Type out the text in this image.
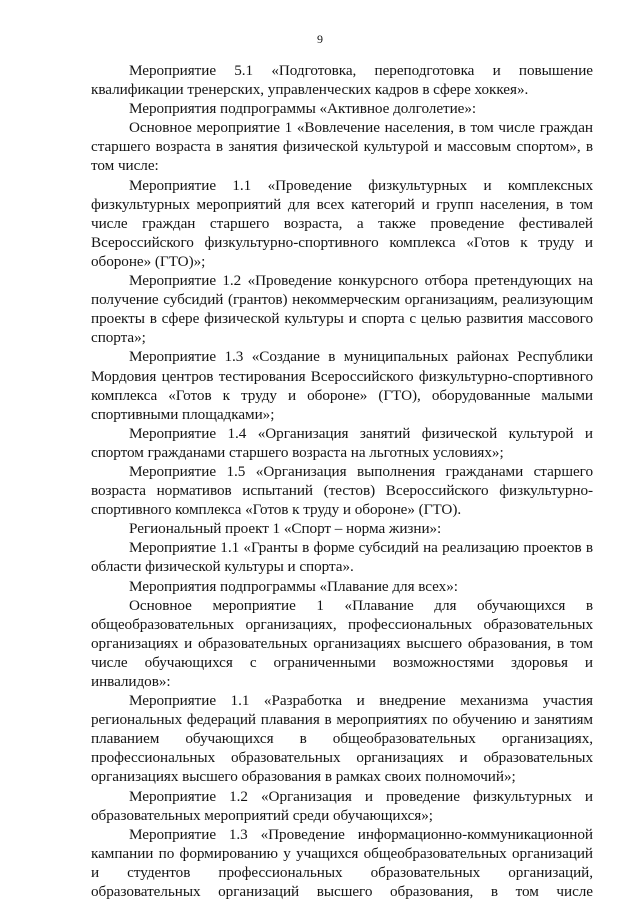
9

Мероприятие 5.1 «Подготовка, переподготовка и повышение квалификации тренерских, управленческих кадров в сфере хоккея».

Мероприятия подпрограммы «Активное долголетие»:

Основное мероприятие 1 «Вовлечение населения, в том числе граждан старшего возраста в занятия физической культурой и массовым спортом», в том числе:

Мероприятие 1.1 «Проведение физкультурных и комплексных физкультурных мероприятий для всех категорий и групп населения, в том числе граждан старшего возраста, а также проведение фестивалей Всероссийского физкультурно-спортивного комплекса «Готов к труду и обороне» (ГТО)»;

Мероприятие 1.2 «Проведение конкурсного отбора претендующих на получение субсидий (грантов) некоммерческим организациям, реализующим проекты в сфере физической культуры и спорта с целью развития массового спорта»;

Мероприятие 1.3 «Создание в муниципальных районах Республики Мордовия центров тестирования Всероссийского физкультурно-спортивного комплекса «Готов к труду и обороне» (ГТО), оборудованные малыми спортивными площадками»;

Мероприятие 1.4 «Организация занятий физической культурой и спортом гражданами старшего возраста на льготных условиях»;

Мероприятие 1.5 «Организация выполнения гражданами старшего возраста нормативов испытаний (тестов) Всероссийского физкультурно-спортивного комплекса «Готов к труду и обороне» (ГТО).

Региональный проект 1 «Спорт – норма жизни»:

Мероприятие 1.1 «Гранты в форме субсидий на реализацию проектов в области физической культуры и спорта».

Мероприятия подпрограммы «Плавание для всех»:

Основное мероприятие 1 «Плавание для обучающихся в общеобразовательных организациях, профессиональных образовательных организациях и образовательных организациях высшего образования, в том числе обучающихся с ограниченными возможностями здоровья и инвалидов»:

Мероприятие 1.1 «Разработка и внедрение механизма участия региональных федераций плавания в мероприятиях по обучению и занятиям плаванием обучающихся в общеобразовательных организациях, профессиональных образовательных организациях и образовательных организациях высшего образования в рамках своих полномочий»;

Мероприятие 1.2 «Организация и проведение физкультурных и образовательных мероприятий среди обучающихся»;

Мероприятие 1.3 «Проведение информационно-коммуникационной кампании по формированию у учащихся общеобразовательных организаций и студентов профессиональных образовательных организаций, образовательных организаций высшего образования, в том числе
